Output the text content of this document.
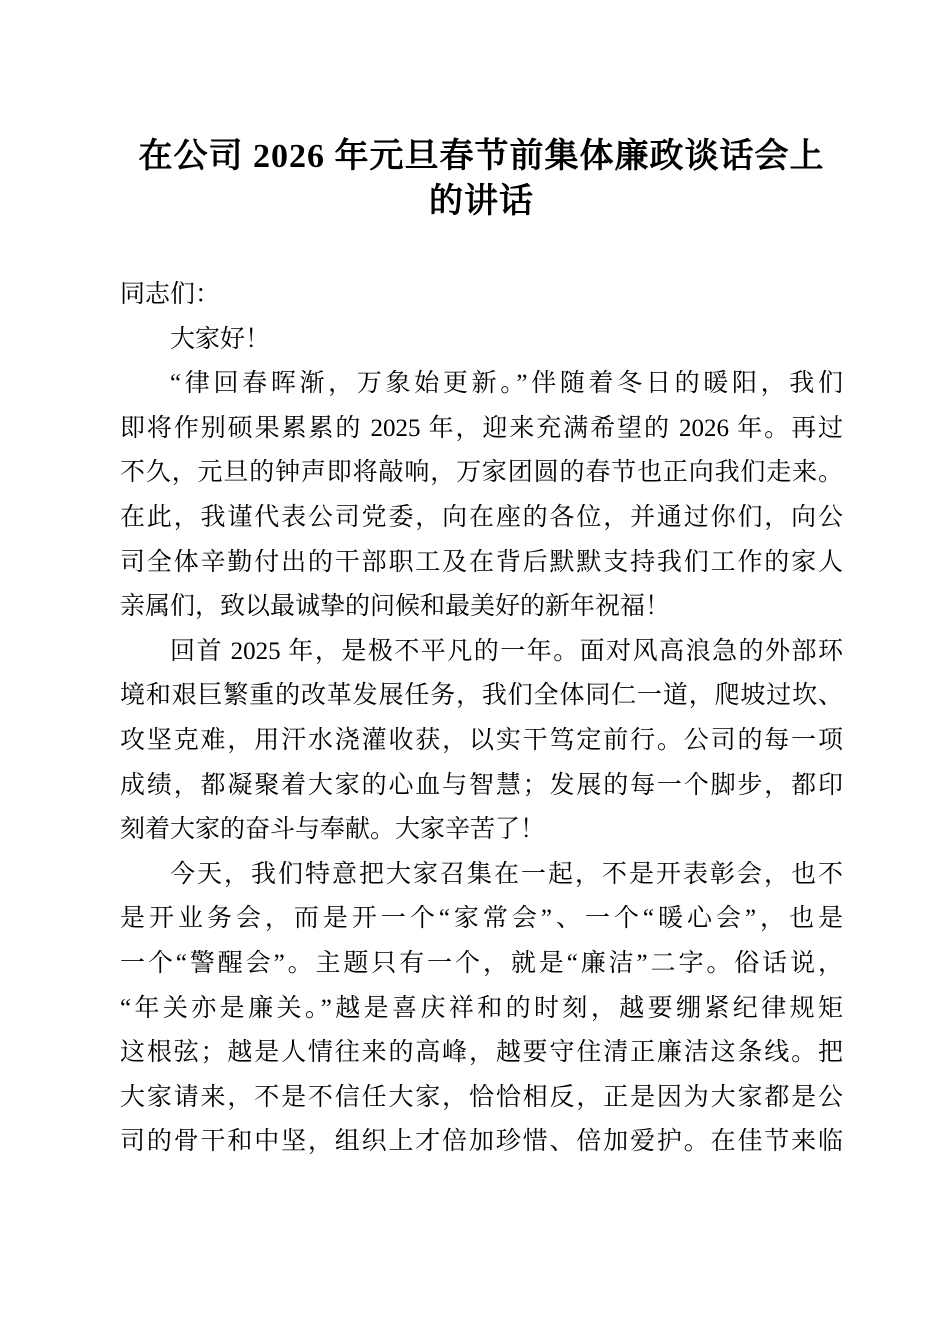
在公司 2026 年元旦春节前集体廉政谈话会上
的讲话

同志们：

大家好！

“律回春晖渐，万象始更新。”伴随着冬日的暖阳，我们
即将作别硕果累累的 2025 年，迎来充满希望的 2026 年。再过
不久，元旦的钟声即将敲响，万家团圆的春节也正向我们走来。
在此，我谨代表公司党委，向在座的各位，并通过你们，向公
司全体辛勤付出的干部职工及在背后默默支持我们工作的家人
亲属们，致以最诚挚的问候和最美好的新年祝福！

回首 2025 年，是极不平凡的一年。面对风高浪急的外部环
境和艰巨繁重的改革发展任务，我们全体同仁一道，爬坡过坎、
攻坚克难，用汗水浇灌收获，以实干笃定前行。公司的每一项
成绩，都凝聚着大家的心血与智慧；发展的每一个脚步，都印
刻着大家的奋斗与奉献。大家辛苦了！

今天，我们特意把大家召集在一起，不是开表彰会，也不
是开业务会，而是开一个“家常会”、一个“暖心会”，也是
一个“警醒会”。主题只有一个，就是“廉洁”二字。俗话说，
“年关亦是廉关。”越是喜庆祥和的时刻，越要绷紧纪律规矩
这根弦；越是人情往来的高峰，越要守住清正廉洁这条线。把
大家请来，不是不信任大家，恰恰相反，正是因为大家都是公
司的骨干和中坚，组织上才倍加珍惜、倍加爱护。在佳节来临
